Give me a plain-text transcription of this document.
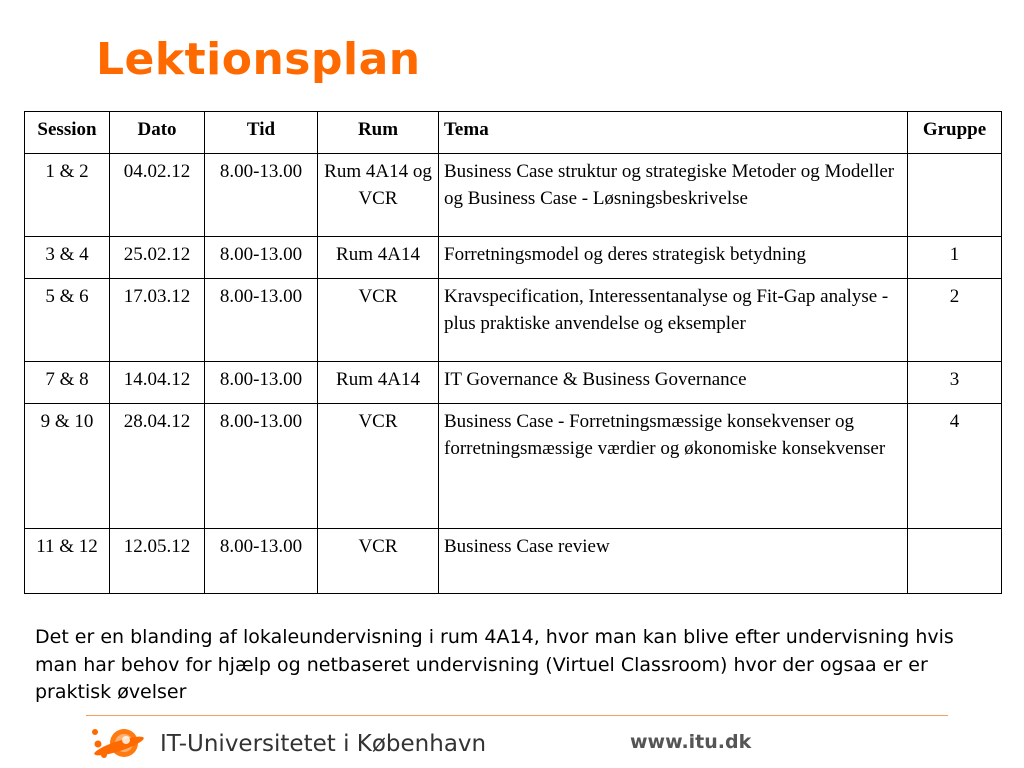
Lektionsplan
Session	Dato	Tid	Rum	Tema	Gruppe
1 & 2	04.02.12	8.00-13.00	Rum 4A14 og VCR	Business Case struktur og strategiske Metoder og Modeller og Business Case - Løsningsbeskrivelse	
3 & 4	25.02.12	8.00-13.00	Rum 4A14	Forretningsmodel og deres strategisk betydning	1
5 & 6	17.03.12	8.00-13.00	VCR	Kravspecification, Interessentanalyse og Fit-Gap analyse - plus praktiske anvendelse og eksempler	2
7 & 8	14.04.12	8.00-13.00	Rum 4A14	IT Governance & Business Governance	3
9 & 10	28.04.12	8.00-13.00	VCR	Business Case - Forretningsmæssige konsekvenser og forretningsmæssige værdier og økonomiske konsekvenser	4
11 & 12	12.05.12	8.00-13.00	VCR	Business Case review	

Det er en blanding af lokaleundervisning i rum 4A14, hvor man kan blive efter undervisning hvis man har behov for hjælp og netbaseret undervisning (Virtuel Classroom) hvor der ogsaa er er praktisk øvelser

IT-Universitetet i København	www.itu.dk
